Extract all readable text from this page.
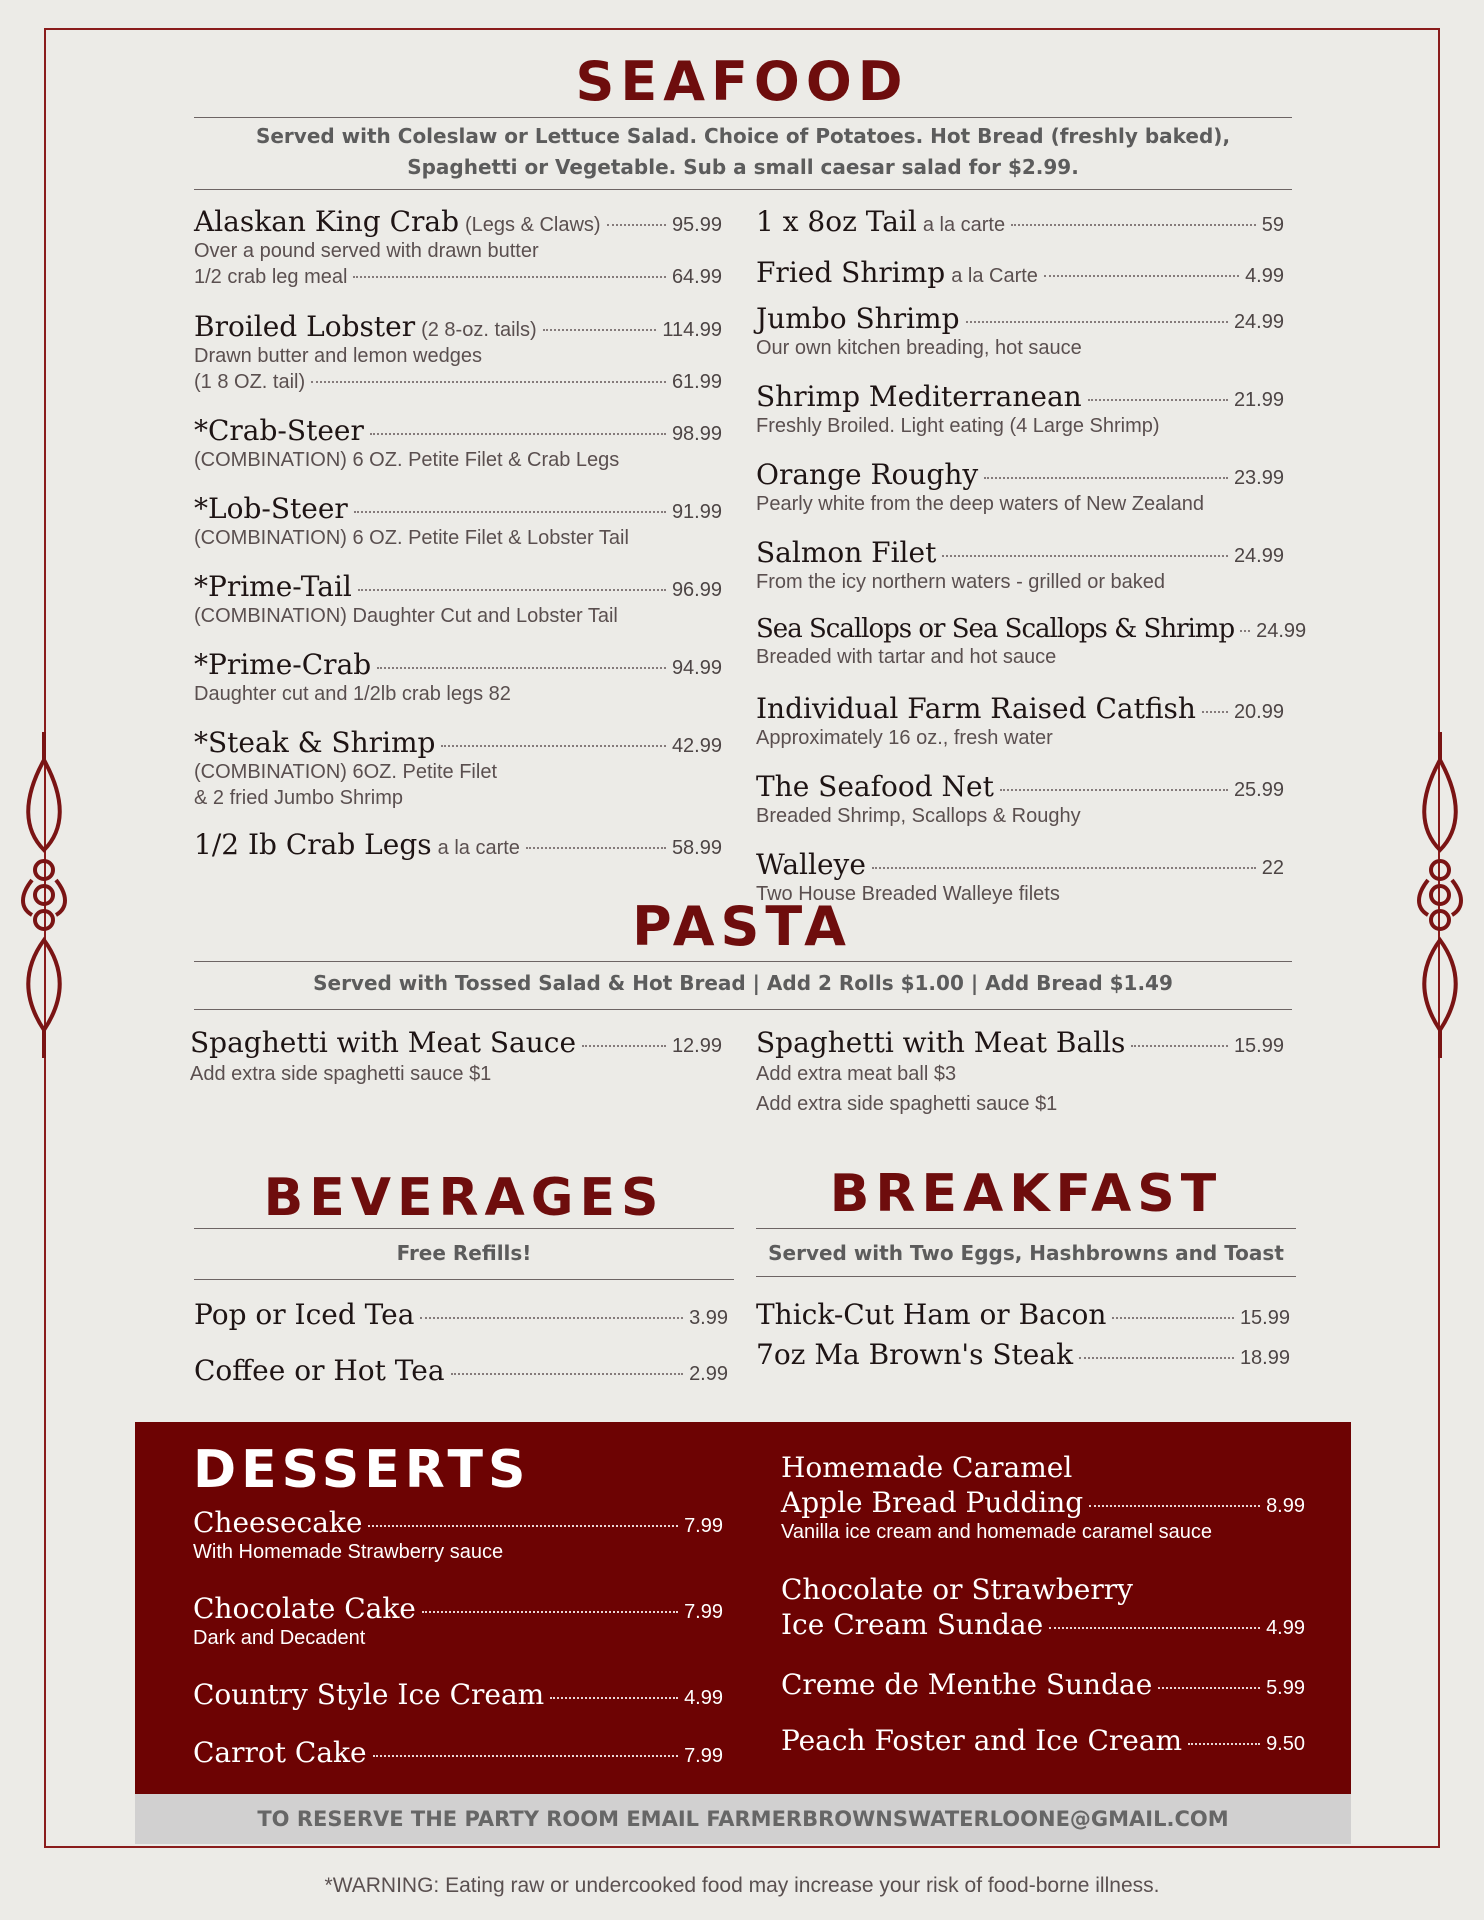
SEAFOOD
Served with Coleslaw or Lettuce Salad. Choice of Potatoes. Hot Bread (freshly baked),
Spaghetti or Vegetable. Sub a small caesar salad for $2.99.
Alaskan King Crab (Legs & Claws)	95.99
Over a pound served with drawn butter
1/2 crab leg meal	64.99
Broiled Lobster (2 8-oz. tails)	114.99
Drawn butter and lemon wedges
(1 8 OZ. tail)	61.99
*Crab-Steer	98.99
(COMBINATION) 6 OZ. Petite Filet & Crab Legs
*Lob-Steer	91.99
(COMBINATION) 6 OZ. Petite Filet & Lobster Tail
*Prime-Tail	96.99
(COMBINATION) Daughter Cut and Lobster Tail
*Prime-Crab	94.99
Daughter cut and 1/2lb crab legs 82
*Steak & Shrimp	42.99
(COMBINATION) 6OZ. Petite Filet
& 2 fried Jumbo Shrimp
1/2 Ib Crab Legs a la carte	58.99
1 x 8oz Tail a la carte	59
Fried Shrimp a la Carte	4.99
Jumbo Shrimp	24.99
Our own kitchen breading, hot sauce
Shrimp Mediterranean	21.99
Freshly Broiled. Light eating (4 Large Shrimp)
Orange Roughy	23.99
Pearly white from the deep waters of New Zealand
Salmon Filet	24.99
From the icy northern waters - grilled or baked
Sea Scallops or Sea Scallops & Shrimp 24.99
Breaded with tartar and hot sauce
Individual Farm Raised Catfish 20.99
Approximately 16 oz., fresh water
The Seafood Net	25.99
Breaded Shrimp, Scallops & Roughy
Walleye	22
Two House Breaded Walleye filets
PASTA
Served with Tossed Salad & Hot Bread | Add 2 Rolls $1.00 | Add Bread $1.49
Spaghetti with Meat Sauce	12.99
Add extra side spaghetti sauce $1
Spaghetti with Meat Balls	15.99
Add extra meat ball $3
Add extra side spaghetti sauce $1
BEVERAGES
Free Refills!
Pop or Iced Tea	3.99
Coffee or Hot Tea	2.99
BREAKFAST
Served with Two Eggs, Hashbrowns and Toast
Thick-Cut Ham or Bacon	15.99
7oz Ma Brown's Steak	18.99
DESSERTS
Cheesecake	7.99
With Homemade Strawberry sauce
Chocolate Cake	7.99
Dark and Decadent
Country Style Ice Cream	4.99
Carrot Cake	7.99
Homemade Caramel
Apple Bread Pudding	8.99
Vanilla ice cream and homemade caramel sauce
Chocolate or Strawberry
Ice Cream Sundae	4.99
Creme de Menthe Sundae	5.99
Peach Foster and Ice Cream	9.50
TO RESERVE THE PARTY ROOM EMAIL FARMERBROWNSWATERLOONE@GMAIL.COM
*WARNING: Eating raw or undercooked food may increase your risk of food-borne illness.
